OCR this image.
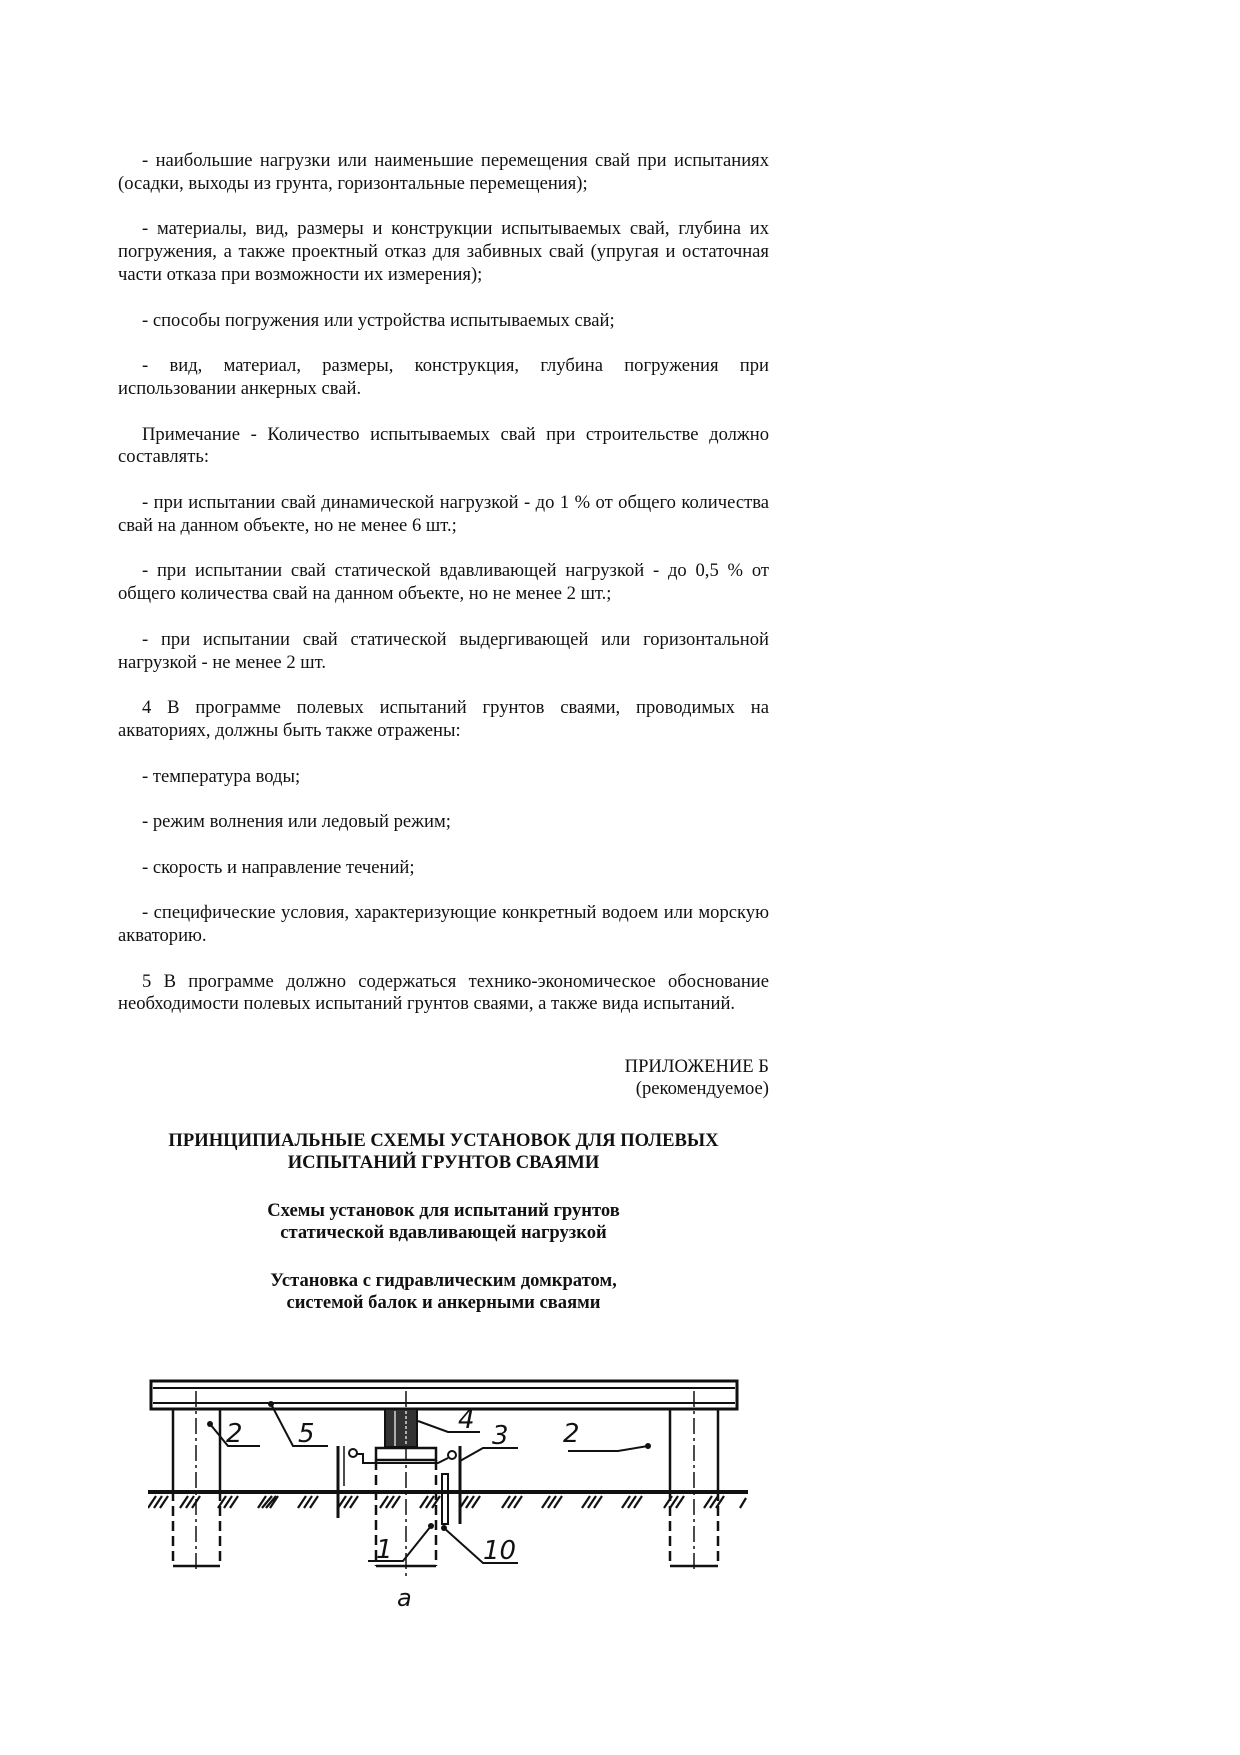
- наибольшие нагрузки или наименьшие перемещения свай при испытаниях (осадки, выходы из грунта, горизонтальные перемещения);

- материалы, вид, размеры и конструкции испытываемых свай, глубина их погружения, а также проектный отказ для забивных свай (упругая и остаточная части отказа при возможности их измерения);

- способы погружения или устройства испытываемых свай;

- вид, материал, размеры, конструкция, глубина погружения при использовании анкерных свай.

Примечание - Количество испытываемых свай при строительстве должно составлять:

- при испытании свай динамической нагрузкой - до 1 % от общего количества свай на данном объекте, но не менее 6 шт.;

- при испытании свай статической вдавливающей нагрузкой - до 0,5 % от общего количества свай на данном объекте, но не менее 2 шт.;

- при испытании свай статической выдергивающей или горизонтальной нагрузкой - не менее 2 шт.

4 В программе полевых испытаний грунтов сваями, проводимых на акваториях, должны быть также отражены:

- температура воды;

- режим волнения или ледовый режим;

- скорость и направление течений;

- специфические условия, характеризующие конкретный водоем или морскую акваторию.

5 В программе должно содержаться технико-экономическое обоснование необходимости полевых испытаний грунтов сваями, а также вида испытаний.

ПРИЛОЖЕНИЕ Б
(рекомендуемое)
ПРИНЦИПИАЛЬНЫЕ СХЕМЫ УСТАНОВОК ДЛЯ ПОЛЕВЫХ
ИСПЫТАНИЙ ГРУНТОВ СВАЯМИ
Схемы установок для испытаний грунтов
статической вдавливающей нагрузкой
Установка с гидравлическим домкратом,
системой балок и анкерными сваями
2 5	4
3 2
1	10
а
